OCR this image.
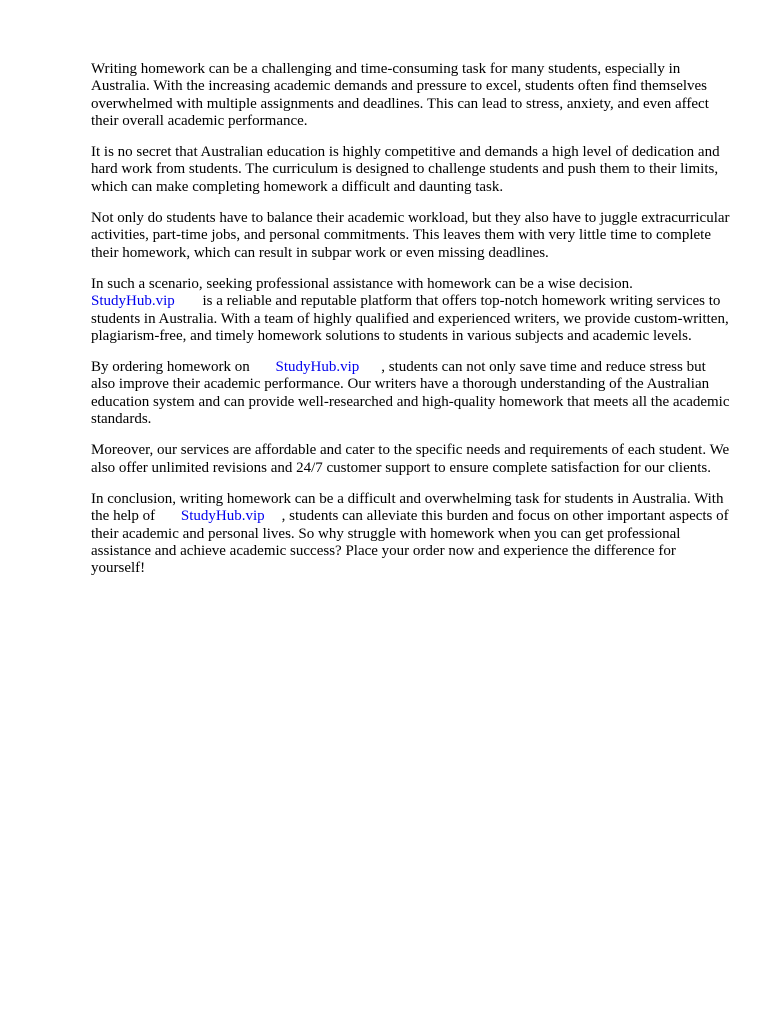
Writing homework can be a challenging and time-consuming task for many students, especially in Australia. With the increasing academic demands and pressure to excel, students often find themselves overwhelmed with multiple assignments and deadlines. This can lead to stress, anxiety, and even affect their overall academic performance.

It is no secret that Australian education is highly competitive and demands a high level of dedication and hard work from students. The curriculum is designed to challenge students and push them to their limits, which can make completing homework a difficult and daunting task.

Not only do students have to balance their academic workload, but they also have to juggle extracurricular activities, part-time jobs, and personal commitments. This leaves them with very little time to complete their homework, which can result in subpar work or even missing deadlines.

In such a scenario, seeking professional assistance with homework can be a wise decision.
StudyHub.vip is a reliable and reputable platform that offers top-notch homework writing services to students in Australia. With a team of highly qualified and experienced writers, we provide custom-written, plagiarism-free, and timely homework solutions to students in various subjects and academic levels.

By ordering homework on StudyHub.vip , students can not only save time and reduce stress but also improve their academic performance. Our writers have a thorough understanding of the Australian education system and can provide well-researched and high-quality homework that meets all the academic standards.

Moreover, our services are affordable and cater to the specific needs and requirements of each student. We also offer unlimited revisions and 24/7 customer support to ensure complete satisfaction for our clients.

In conclusion, writing homework can be a difficult and overwhelming task for students in Australia. With the help of StudyHub.vip , students can alleviate this burden and focus on other important aspects of their academic and personal lives. So why struggle with homework when you can get professional assistance and achieve academic success? Place your order now and experience the difference for yourself!
